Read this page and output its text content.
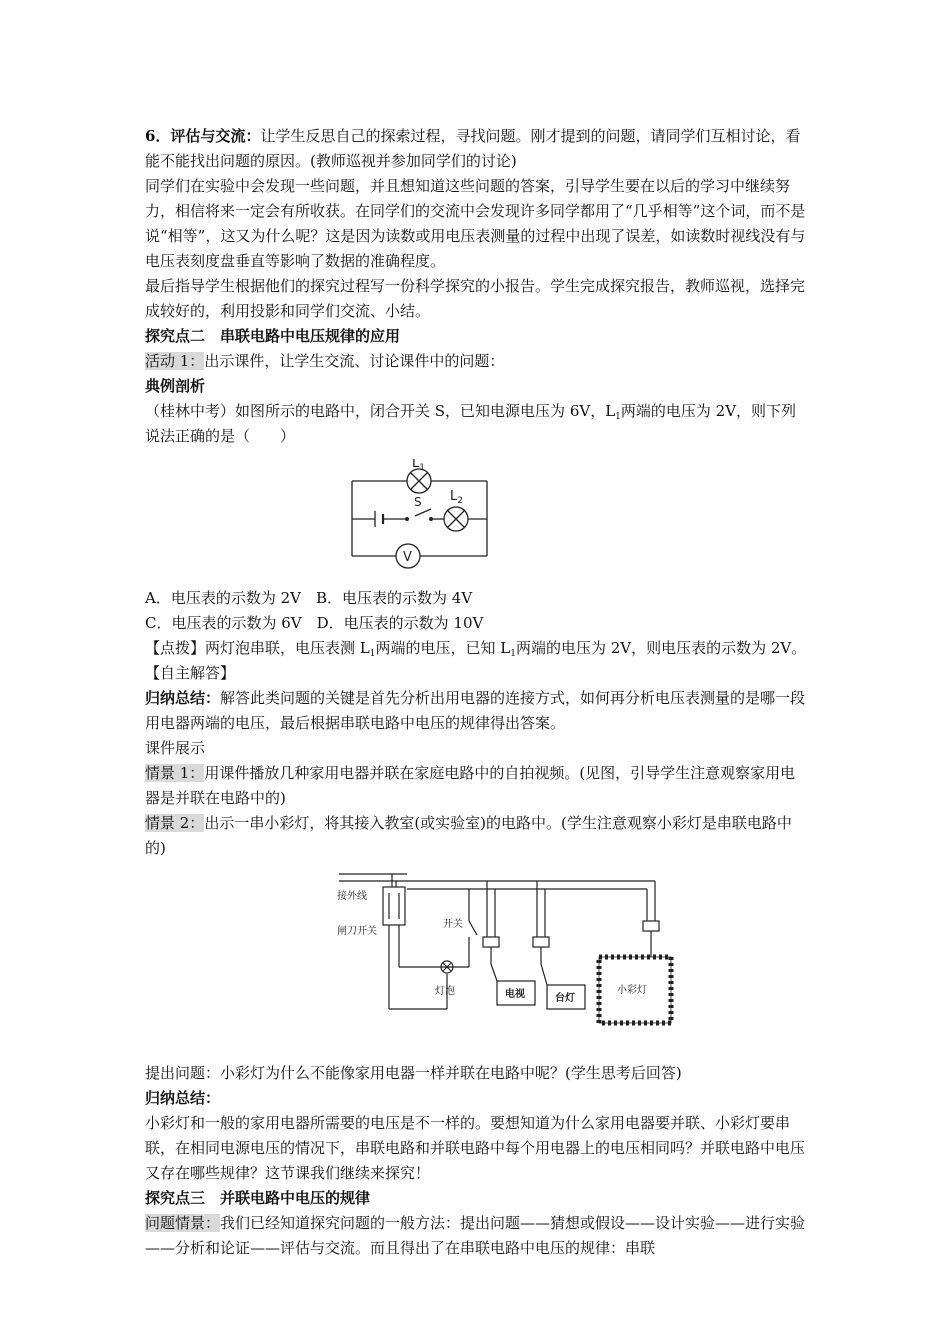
6．评估与交流：让学生反思自己的探索过程，寻找问题。刚才提到的问题，请同学们互相讨论，看能不能找出问题的原因。(教师巡视并参加同学们的讨论)

同学们在实验中会发现一些问题，并且想知道这些问题的答案，引导学生要在以后的学习中继续努力，相信将来一定会有所收获。在同学们的交流中会发现许多同学都用了“几乎相等”这个词，而不是说“相等”，这又为什么呢？这是因为读数或用电压表测量的过程中出现了误差，如读数时视线没有与电压表刻度盘垂直等影响了数据的准确程度。

最后指导学生根据他们的探究过程写一份科学探究的小报告。学生完成探究报告，教师巡视，选择完成较好的，利用投影和同学们交流、小结。

探究点二　串联电路中电压规律的应用

活动 1：出示课件，让学生交流、讨论课件中的问题：

典例剖析

（桂林中考）如图所示的电路中，闭合开关 S，已知电源电压为 6V，$L_1$两端的电压为 2V，则下列说法正确的是（　　）

$L_1$
$L_2$
S
V

A．电压表的示数为 2V　B．电压表的示数为 4V

C．电压表的示数为 6V　D．电压表的示数为 10V

【点拨】两灯泡串联，电压表测 $L_1$两端的电压，已知 $L_1$两端的电压为 2V，则电压表的示数为 2V。

【自主解答】

归纳总结：解答此类问题的关键是首先分析出用电器的连接方式，如何再分析电压表测量的是哪一段用电器两端的电压，最后根据串联电路中电压的规律得出答案。

课件展示

情景 1：用课件播放几种家用电器并联在家庭电路中的自拍视频。(见图，引导学生注意观察家用电器是并联在电路中的)

情景 2：出示一串小彩灯，将其接入教室(或实验室)的电路中。(学生注意观察小彩灯是串联电路中的)

接外线
闸刀开关
开关
灯泡	电视	台灯
小彩灯

提出问题：小彩灯为什么不能像家用电器一样并联在电路中呢？(学生思考后回答)

归纳总结：

小彩灯和一般的家用电器所需要的电压是不一样的。要想知道为什么家用电器要并联、小彩灯要串联，在相同电源电压的情况下，串联电路和并联电路中每个用电器上的电压相同吗？并联电路中电压又存在哪些规律？这节课我们继续来探究！

探究点三　并联电路中电压的规律

问题情景：我们已经知道探究问题的一般方法：提出问题——猜想或假设——设计实验——进行实验——分析和论证——评估与交流。而且得出了在串联电路中电压的规律：串联
